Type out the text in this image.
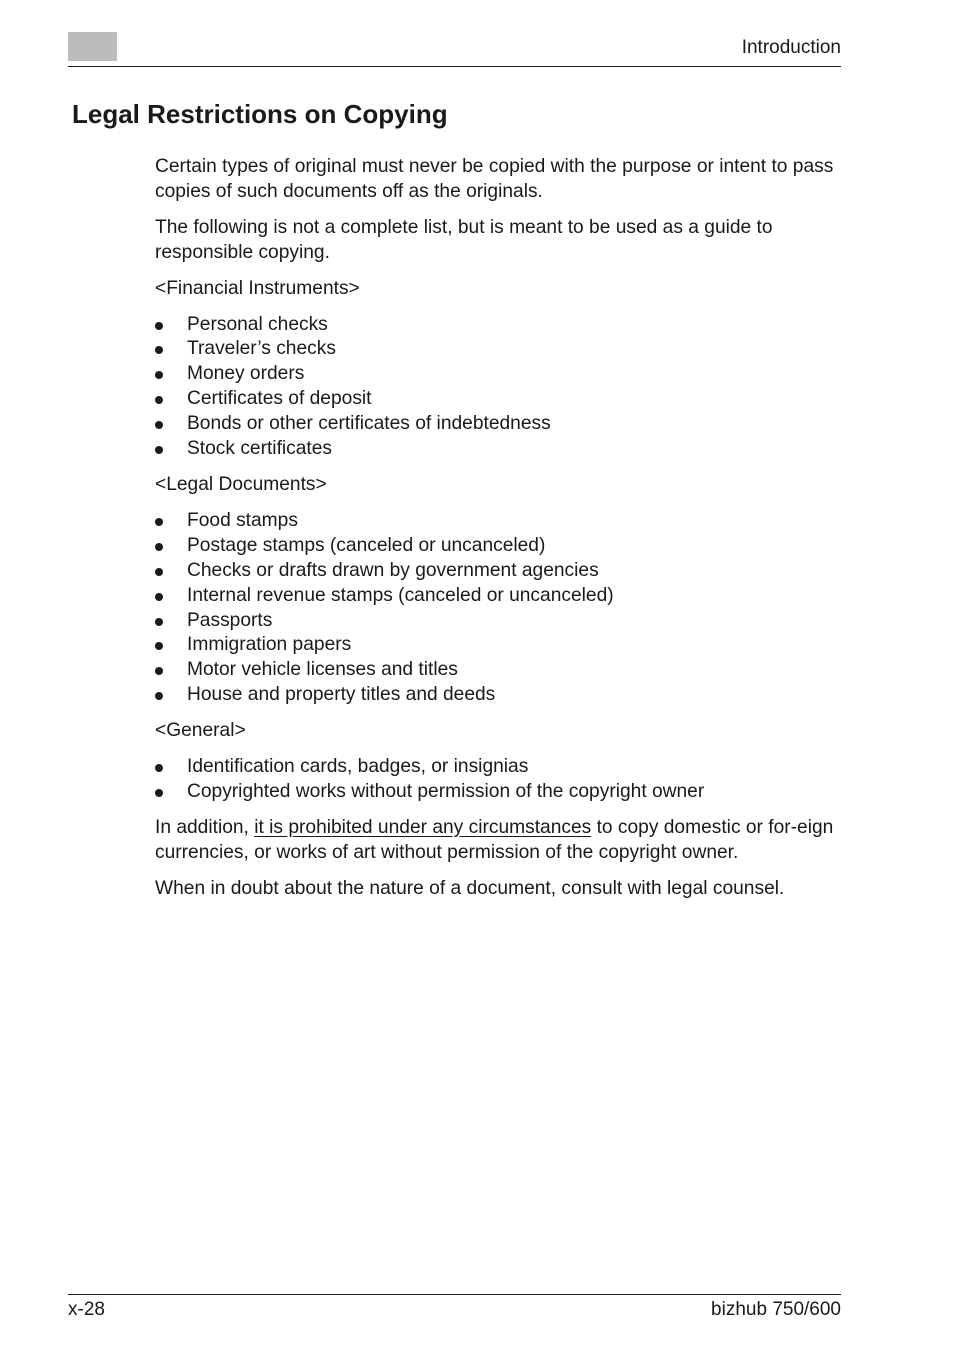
Introduction
Legal Restrictions on Copying

Certain types of original must never be copied with the purpose or intent to pass copies of such documents off as the originals.

The following is not a complete list, but is meant to be used as a guide to responsible copying.

<Financial Instruments>

Personal checks
Traveler’s checks
Money orders
Certificates of deposit
Bonds or other certificates of indebtedness
Stock certificates

<Legal Documents>

Food stamps
Postage stamps (canceled or uncanceled)
Checks or drafts drawn by government agencies
Internal revenue stamps (canceled or uncanceled)
Passports
Immigration papers
Motor vehicle licenses and titles
House and property titles and deeds

<General>

Identification cards, badges, or insignias
Copyrighted works without permission of the copyright owner

In addition, it is prohibited under any circumstances to copy domestic or for-eign currencies, or works of art without permission of the copyright owner.

When in doubt about the nature of a document, consult with legal counsel.

x-28	bizhub 750/600
